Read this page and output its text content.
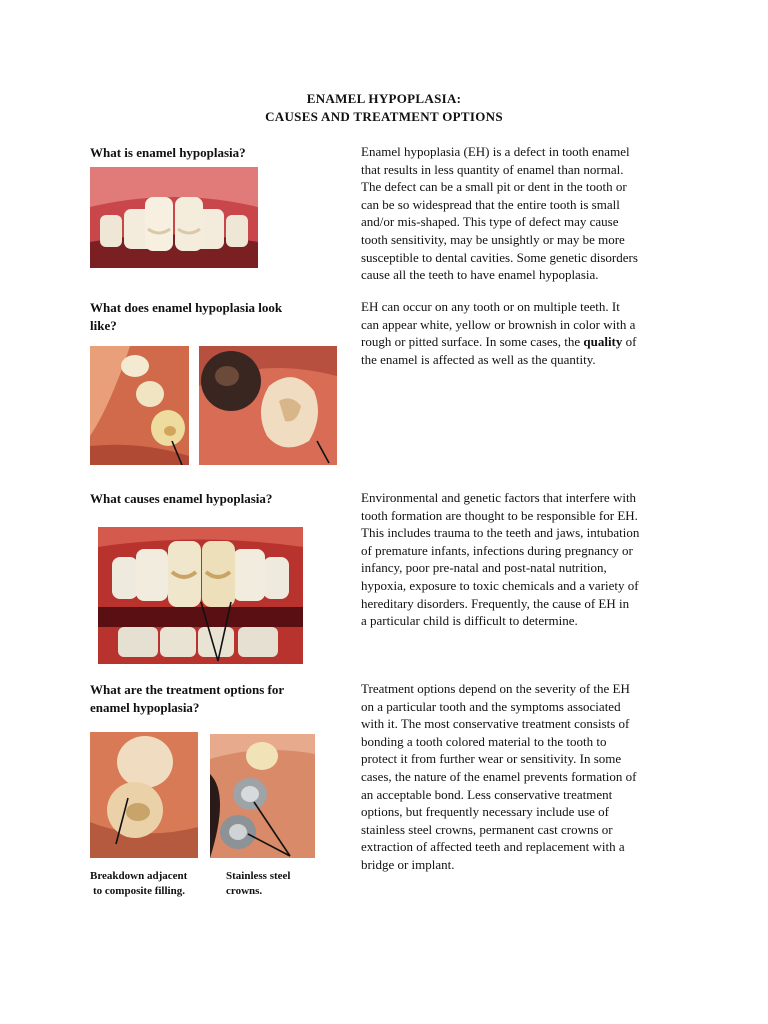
ENAMEL HYPOPLASIA:
CAUSES AND TREATMENT OPTIONS
What is enamel hypoplasia?	Enamel hypoplasia (EH) is a defect in tooth enamel

that results in less quantity of enamel than normal.

The defect can be a small pit or dent in the tooth or

can be so widespread that the entire tooth is small

and/or mis-shaped. This type of defect may cause

tooth sensitivity, may be unsightly or may be more

susceptible to dental cavities. Some genetic disorders

cause all the teeth to have enamel hypoplasia.

What does enamel hypoplasia look
like?

EH can occur on any tooth or on multiple teeth. It

can appear white, yellow or brownish in color with a

rough or pitted surface. In some cases, the quality of

the enamel is affected as well as the quantity.

What causes enamel hypoplasia?	Environmental and genetic factors that interfere with

tooth formation are thought to be responsible for EH.

This includes trauma to the teeth and jaws, intubation

of premature infants, infections during pregnancy or

infancy, poor pre-natal and post-natal nutrition,

hypoxia, exposure to toxic chemicals and a variety of

hereditary disorders. Frequently, the cause of EH in

a particular child is difficult to determine.

What are the treatment options for
enamel hypoplasia?

Treatment options depend on the severity of the EH

on a particular tooth and the symptoms associated

with it. The most conservative treatment consists of

bonding a tooth colored material to the tooth to

protect it from further wear or sensitivity. In some

cases, the nature of the enamel prevents formation of

an acceptable bond. Less conservative treatment

options, but frequently necessary include use of

stainless steel crowns, permanent cast crowns or

extraction of affected teeth and replacement with a

bridge or implant.

Breakdown adjacent
to composite filling.
Stainless steel
crowns.
